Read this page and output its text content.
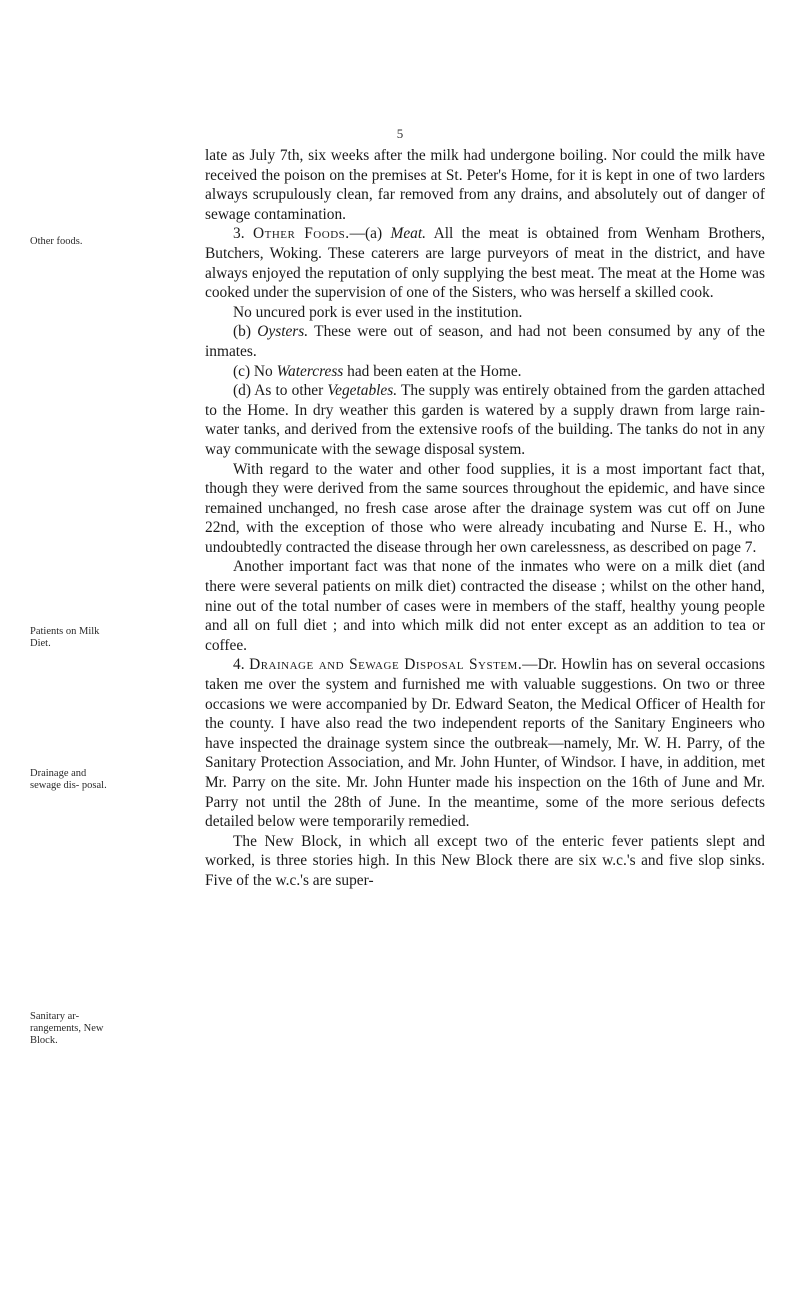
5
Other foods.
Patients on Milk Diet.
Drainage and sewage dis- posal.
Sanitary ar- rangements, New Block.

late as July 7th, six weeks after the milk had undergone boiling. Nor could the milk have received the poison on the premises at St. Peter's Home, for it is kept in one of two larders always scrupulously clean, far removed from any drains, and absolutely out of danger of sewage contamination.

3. Other Foods.—(a) Meat. All the meat is obtained from Wenham Brothers, Butchers, Woking. These caterers are large purveyors of meat in the district, and have always enjoyed the reputation of only supplying the best meat. The meat at the Home was cooked under the supervision of one of the Sisters, who was herself a skilled cook.

No uncured pork is ever used in the institution.

(b) Oysters. These were out of season, and had not been consumed by any of the inmates.

(c) No Watercress had been eaten at the Home.

(d) As to other Vegetables. The supply was entirely obtained from the garden attached to the Home. In dry weather this garden is watered by a supply drawn from large rain-water tanks, and derived from the extensive roofs of the building. The tanks do not in any way communicate with the sewage disposal system.

With regard to the water and other food supplies, it is a most important fact that, though they were derived from the same sources throughout the epidemic, and have since remained unchanged, no fresh case arose after the drainage system was cut off on June 22nd, with the exception of those who were already incubating and Nurse E. H., who undoubtedly contracted the disease through her own carelessness, as described on page 7.

Another important fact was that none of the inmates who were on a milk diet (and there were several patients on milk diet) contracted the disease ; whilst on the other hand, nine out of the total number of cases were in members of the staff, healthy young people and all on full diet ; and into which milk did not enter except as an addition to tea or coffee.

4. Drainage and Sewage Disposal System.—Dr. Howlin has on several occasions taken me over the system and furnished me with valuable suggestions. On two or three occasions we were accompanied by Dr. Edward Seaton, the Medical Officer of Health for the county. I have also read the two independent reports of the Sanitary Engineers who have inspected the drainage system since the outbreak—namely, Mr. W. H. Parry, of the Sanitary Protection Association, and Mr. John Hunter, of Windsor. I have, in addition, met Mr. Parry on the site. Mr. John Hunter made his inspection on the 16th of June and Mr. Parry not until the 28th of June. In the meantime, some of the more serious defects detailed below were temporarily remedied.

The New Block, in which all except two of the enteric fever patients slept and worked, is three stories high. In this New Block there are six w.c.'s and five slop sinks. Five of the w.c.'s are super-
